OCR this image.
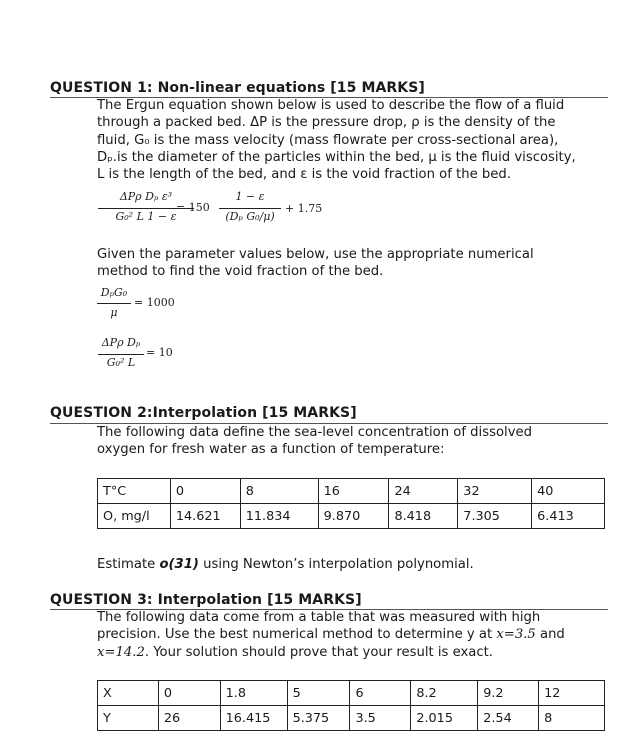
QUESTION 1: Non-linear equations [15 MARKS]

The Ergun equation shown below is used to describe the flow of a fluid

through a packed bed. ΔP is the pressure drop, ρ is the density of the

fluid, G₀ is the mass velocity (mass flowrate per cross-sectional area),

Dₚ.is the diameter of the particles within the bed, μ is the fluid viscosity,

L is the length of the bed, and ε is the void fraction of the bed.

ΔPρ Dₚ ε³
G₀² L 1 − ε
= 150
1 − ε
(Dₚ G₀/μ)
+ 1.75

Given the parameter values below, use the appropriate numerical

method to find the void fraction of the bed.

DₚG₀
μ
= 1000
ΔPρ Dₚ
G₀² L
= 10
QUESTION 2:Interpolation [15 MARKS]

The following data define the sea-level concentration of dissolved

oxygen for fresh water as a function of temperature:

T°C	0	8	16	24	32	40
O, mg/l	14.621	11.834	9.870	8.418	7.305	6.413

Estimate o(31) using Newton’s interpolation polynomial.

QUESTION 3: Interpolation [15 MARKS]

The following data come from a table that was measured with high

precision. Use the best numerical method to determine y at x=3.5 and

x=14.2. Your solution should prove that your result is exact.

X	0	1.8	5	6	8.2	9.2	12
Y	26	16.415	5.375	3.5	2.015	2.54	8
